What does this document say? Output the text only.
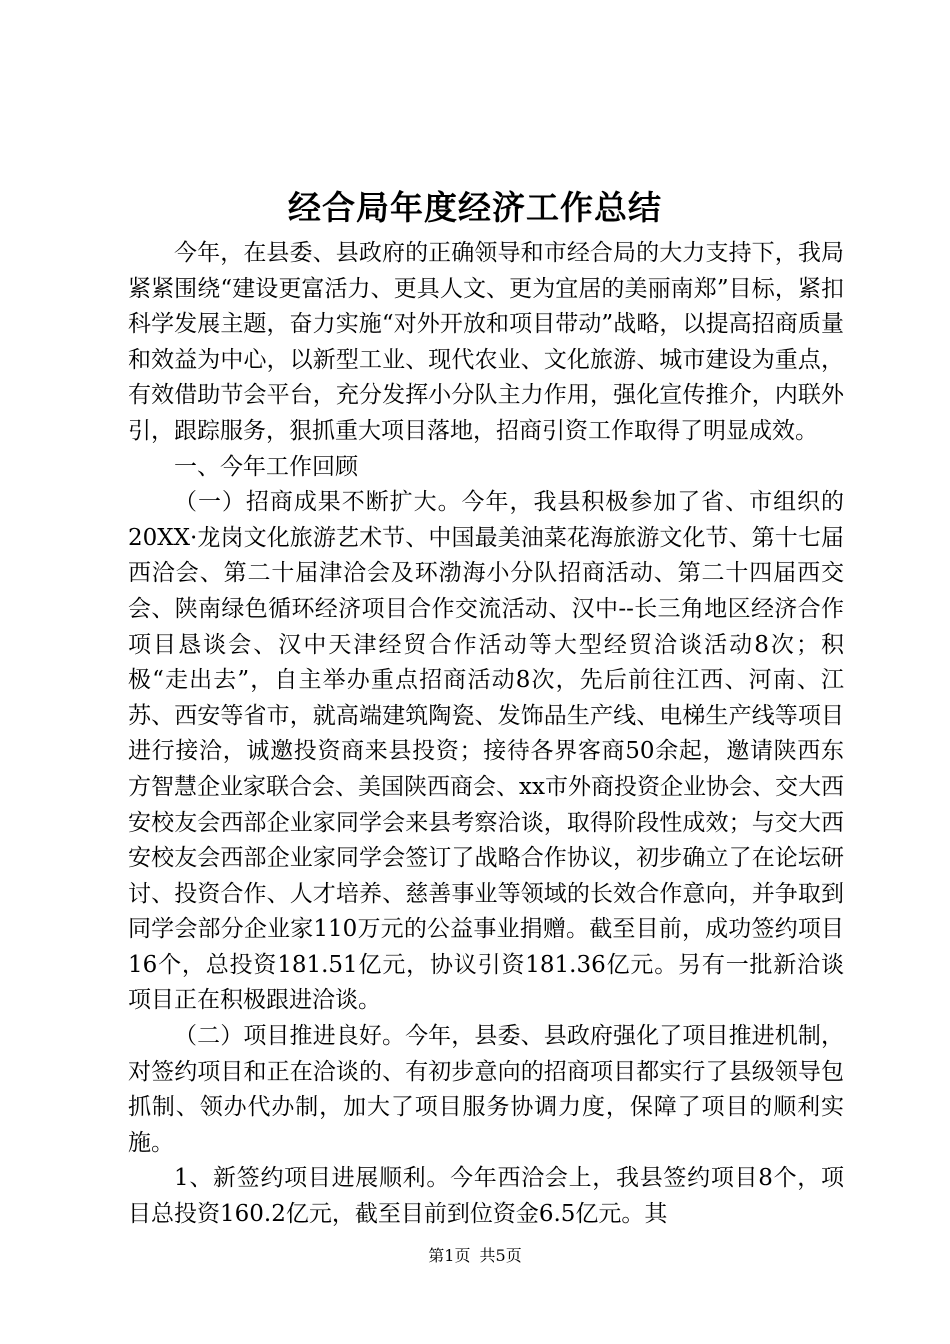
经合局年度经济工作总结

今年，在县委、县政府的正确领导和市经合局的大力支持下，我局紧紧围绕“建设更富活力、更具人文、更为宜居的美丽南郑”目标，紧扣科学发展主题，奋力实施“对外开放和项目带动”战略，以提高招商质量和效益为中心，以新型工业、现代农业、文化旅游、城市建设为重点，有效借助节会平台，充分发挥小分队主力作用，强化宣传推介，内联外引，跟踪服务，狠抓重大项目落地，招商引资工作取得了明显成效。

一、今年工作回顾

（一）招商成果不断扩大。今年，我县积极参加了省、市组织的20XX·龙岗文化旅游艺术节、中国最美油菜花海旅游文化节、第十七届西洽会、第二十届津洽会及环渤海小分队招商活动、第二十四届西交会、陕南绿色循环经济项目合作交流活动、汉中--长三角地区经济合作项目恳谈会、汉中天津经贸合作活动等大型经贸洽谈活动8次；积极“走出去”，自主举办重点招商活动8次，先后前往江西、河南、江苏、西安等省市，就高端建筑陶瓷、发饰品生产线、电梯生产线等项目进行接洽，诚邀投资商来县投资；接待各界客商50余起，邀请陕西东方智慧企业家联合会、美国陕西商会、xx市外商投资企业协会、交大西安校友会西部企业家同学会来县考察洽谈，取得阶段性成效；与交大西安校友会西部企业家同学会签订了战略合作协议，初步确立了在论坛研讨、投资合作、人才培养、慈善事业等领域的长效合作意向，并争取到同学会部分企业家110万元的公益事业捐赠。截至目前，成功签约项目16个，总投资181.51亿元，协议引资181.36亿元。另有一批新洽谈项目正在积极跟进洽谈。

（二）项目推进良好。今年，县委、县政府强化了项目推进机制，对签约项目和正在洽谈的、有初步意向的招商项目都实行了县级领导包抓制、领办代办制，加大了项目服务协调力度，保障了项目的顺利实施。

1、新签约项目进展顺利。今年西洽会上，我县签约项目8个，项目总投资160.2亿元，截至目前到位资金6.5亿元。其

第1页 共5页
